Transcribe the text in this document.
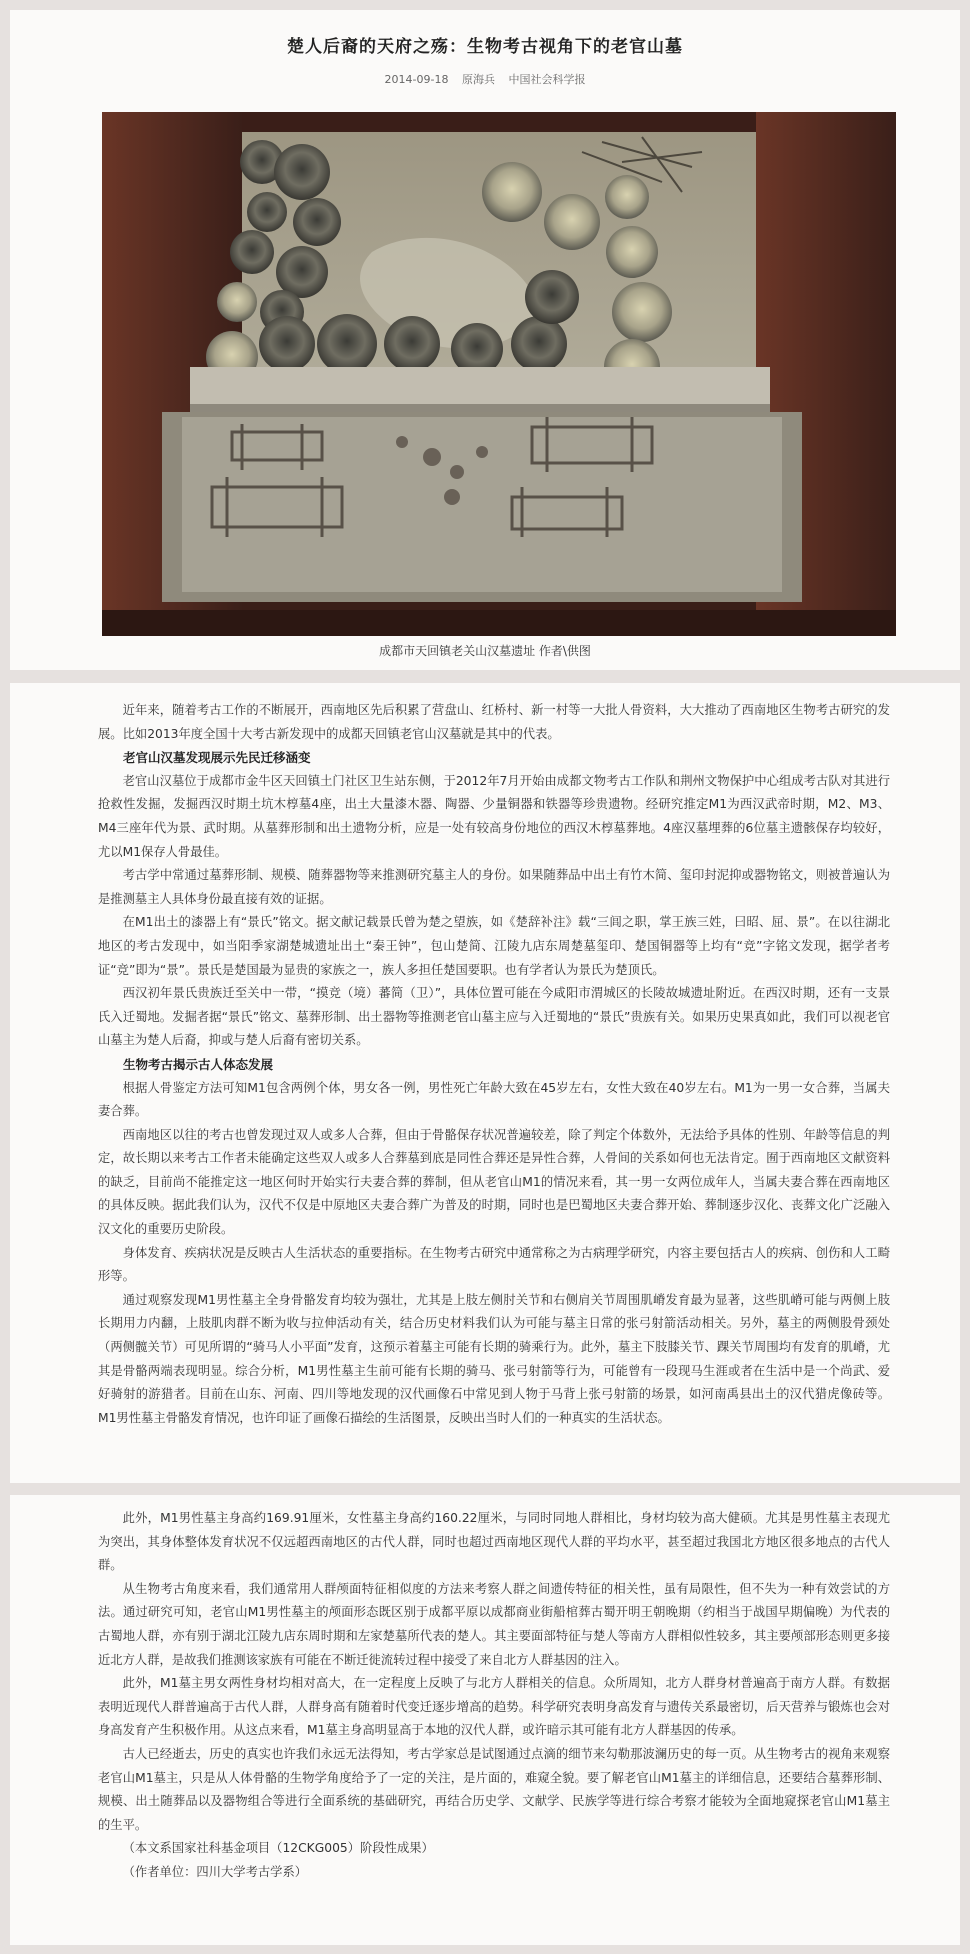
楚人后裔的天府之殇：生物考古视角下的老官山墓
2014-09-18 原海兵 中国社会科学报
成都市天回镇老关山汉墓遗址 作者\供图

近年来，随着考古工作的不断展开，西南地区先后积累了营盘山、红桥村、新一村等一大批人骨资料，大大推动了西南地区生物考古研究的发展。比如2013年度全国十大考古新发现中的成都天回镇老官山汉墓就是其中的代表。

老官山汉墓发现展示先民迁移涵变

老官山汉墓位于成都市金牛区天回镇土门社区卫生站东侧，于2012年7月开始由成都文物考古工作队和荆州文物保护中心组成考古队对其进行抢救性发掘，发掘西汉时期土坑木椁墓4座，出土大量漆木器、陶器、少量铜器和铁器等珍贵遗物。经研究推定M1为西汉武帝时期，M2、M3、M4三座年代为景、武时期。从墓葬形制和出土遗物分析，应是一处有较高身份地位的西汉木椁墓葬地。4座汉墓埋葬的6位墓主遗骸保存均较好，尤以M1保存人骨最佳。

考古学中常通过墓葬形制、规模、随葬器物等来推测研究墓主人的身份。如果随葬品中出土有竹木简、玺印封泥抑或器物铭文，则被普遍认为是推测墓主人具体身份最直接有效的证据。

在M1出土的漆器上有“景氏”铭文。据文献记载景氏曾为楚之望族，如《楚辞补注》载“三闾之职，掌王族三姓，曰昭、屈、景”。在以往湖北地区的考古发现中，如当阳季家湖楚城遗址出土“秦王钟”，包山楚简、江陵九店东周楚墓玺印、楚国铜器等上均有“竞”字铭文发现，据学者考证“竞”即为“景”。景氏是楚国最为显贵的家族之一，族人多担任楚国要职。也有学者认为景氏为楚顶氏。

西汉初年景氏贵族迁至关中一带，“摸竞（境）蕃简（卫）”，具体位置可能在今咸阳市渭城区的长陵故城遗址附近。在西汉时期，还有一支景氏入迁蜀地。发掘者据“景氏”铭文、墓葬形制、出土器物等推测老官山墓主应与入迁蜀地的“景氏”贵族有关。如果历史果真如此，我们可以视老官山墓主为楚人后裔，抑或与楚人后裔有密切关系。

生物考古揭示古人体态发展

根据人骨鉴定方法可知M1包含两例个体，男女各一例，男性死亡年龄大致在45岁左右，女性大致在40岁左右。M1为一男一女合葬，当属夫妻合葬。

西南地区以往的考古也曾发现过双人或多人合葬，但由于骨骼保存状况普遍较差，除了判定个体数外，无法给予具体的性别、年龄等信息的判定，故长期以来考古工作者未能确定这些双人或多人合葬墓到底是同性合葬还是异性合葬，人骨间的关系如何也无法肯定。囿于西南地区文献资料的缺乏，目前尚不能推定这一地区何时开始实行夫妻合葬的葬制，但从老官山M1的情况来看，其一男一女两位成年人，当属夫妻合葬在西南地区的具体反映。据此我们认为，汉代不仅是中原地区夫妻合葬广为普及的时期，同时也是巴蜀地区夫妻合葬开始、葬制逐步汉化、丧葬文化广泛融入汉文化的重要历史阶段。

身体发育、疾病状况是反映古人生活状态的重要指标。在生物考古研究中通常称之为古病理学研究，内容主要包括古人的疾病、创伤和人工畸形等。

通过观察发现M1男性墓主全身骨骼发育均较为强壮，尤其是上肢左侧肘关节和右侧肩关节周围肌嵴发育最为显著，这些肌嵴可能与两侧上肢长期用力内翻，上肢肌肉群不断为收与拉伸活动有关，结合历史材料我们认为可能与墓主日常的张弓射箭活动相关。另外，墓主的两侧股骨颈处（两侧髋关节）可见所谓的“骑马人小平面”发育，这预示着墓主可能有长期的骑乘行为。此外，墓主下肢膝关节、踝关节周围均有发育的肌嵴，尤其是骨骼两端表现明显。综合分析，M1男性墓主生前可能有长期的骑马、张弓射箭等行为，可能曾有一段现马生涯或者在生活中是一个尚武、爱好骑射的游猎者。目前在山东、河南、四川等地发现的汉代画像石中常见到人物于马背上张弓射箭的场景，如河南禹县出土的汉代猎虎像砖等。M1男性墓主骨骼发育情况，也许印证了画像石描绘的生活图景，反映出当时人们的一种真实的生活状态。

此外，M1男性墓主身高约169.91厘米，女性墓主身高约160.22厘米，与同时同地人群相比，身材均较为高大健硕。尤其是男性墓主表现尤为突出，其身体整体发育状况不仅远超西南地区的古代人群，同时也超过西南地区现代人群的平均水平，甚至超过我国北方地区很多地点的古代人群。

从生物考古角度来看，我们通常用人群颅面特征相似度的方法来考察人群之间遗传特征的相关性，虽有局限性，但不失为一种有效尝试的方法。通过研究可知，老官山M1男性墓主的颅面形态既区别于成都平原以成都商业街船棺葬古蜀开明王朝晚期（约相当于战国早期偏晚）为代表的古蜀地人群，亦有别于湖北江陵九店东周时期和左家楚墓所代表的楚人。其主要面部特征与楚人等南方人群相似性较多，其主要颅部形态则更多接近北方人群，是故我们推测该家族有可能在不断迁徙流转过程中接受了来自北方人群基因的注入。

此外，M1墓主男女两性身材均相对高大，在一定程度上反映了与北方人群相关的信息。众所周知，北方人群身材普遍高于南方人群。有数据表明近现代人群普遍高于古代人群，人群身高有随着时代变迁逐步增高的趋势。科学研究表明身高发育与遗传关系最密切，后天营养与锻炼也会对身高发育产生积极作用。从这点来看，M1墓主身高明显高于本地的汉代人群，或许暗示其可能有北方人群基因的传承。

古人已经逝去，历史的真实也许我们永远无法得知，考古学家总是试图通过点滴的细节来勾勒那波澜历史的每一页。从生物考古的视角来观察老官山M1墓主，只是从人体骨骼的生物学角度给予了一定的关注，是片面的，难窥全貌。要了解老官山M1墓主的详细信息，还要结合墓葬形制、规模、出土随葬品以及器物组合等进行全面系统的基础研究，再结合历史学、文献学、民族学等进行综合考察才能较为全面地窥探老官山M1墓主的生平。

（本文系国家社科基金项目（12CKG005）阶段性成果）

（作者单位：四川大学考古学系）
